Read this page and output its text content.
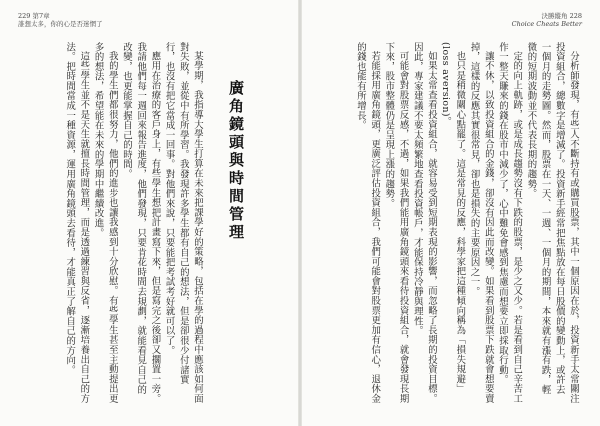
229 第7章
誰想太多，你的心是否迷惘了
廣角鏡頭與時間管理

某學期，我指導大學生打算在未來把課學好的策略，包括在學的過程中應該如何面對失敗，並從中有所學習。我發現許多學生都有自己的想法，但是卻很少付諸實行，也沒有把它當成一回事。對他們來說，只要能把考試考好就可以了。

應用在治療的客戶身上，有些學生想把計畫寫下來，但是寫完之後卻又擱置一旁。我請他們每一週回來報告進度，他們發現，只要肯花時間去規劃，就能看見自己的改變，也更能掌握自己的時間。

我的學生們都很努力，他們的進步也讓我感到十分欣慰。有些學生甚至主動提出更多的想法，希望能在未來的學期中繼續改進。

這些學生並不是天生就擅長時間管理，而是透過練習與反省，逐漸培養出自己的方法。把時間當成一種資源，運用廣角鏡頭去看待，才能真正了解自己的方向。

決勝縱角 228
Choice Cheats Better

分析師發現，有些人不斷持有或購買股票，其中一個原因在於，投資新手太常關注投資組合，總數字是增減了。投資新手經常把焦點放在每日股價的變動上，或許去一個月的走勢圖。然而，股票在一天、一週、一個月的期間，本來就有漲有跌，輕微的短期波動並不代表長期的趨勢。

定的向上軌跡，或是成長趨勢沒有下跌的股票，是少之又少。若是看到自己辛苦工作一整天賺來的錢在股市中減少了，心中難免會感到焦慮而想要立即採取行動。

讓不休，以致投資組合的金錢，卻沒有因此而改變。如果看到股票下跌就會想要賣掉，這樣的反應其實很常見，卻也是損失的主要原因之一。

也只是稍微關心點罷了。這是常見的反應，科學家把這種傾向稱為「損失規避」(loss aversion)。

如果太常查看投資組合，就容易受到短期表現的影響，而忽略了長期的投資目標。因此，專家建議不要太頻繁地查看投資帳戶，才能保持冷靜與理性。

可能會對股票反感，不過，如果我們能用廣角鏡頭來看待投資組合，就會發現長期下來，股市整體仍是呈現上漲的趨勢。

若能採用廣角鏡頭，更廣泛評估投資組合，我們可能會對股票更加有信心，退休金的錢也能有所增長。
